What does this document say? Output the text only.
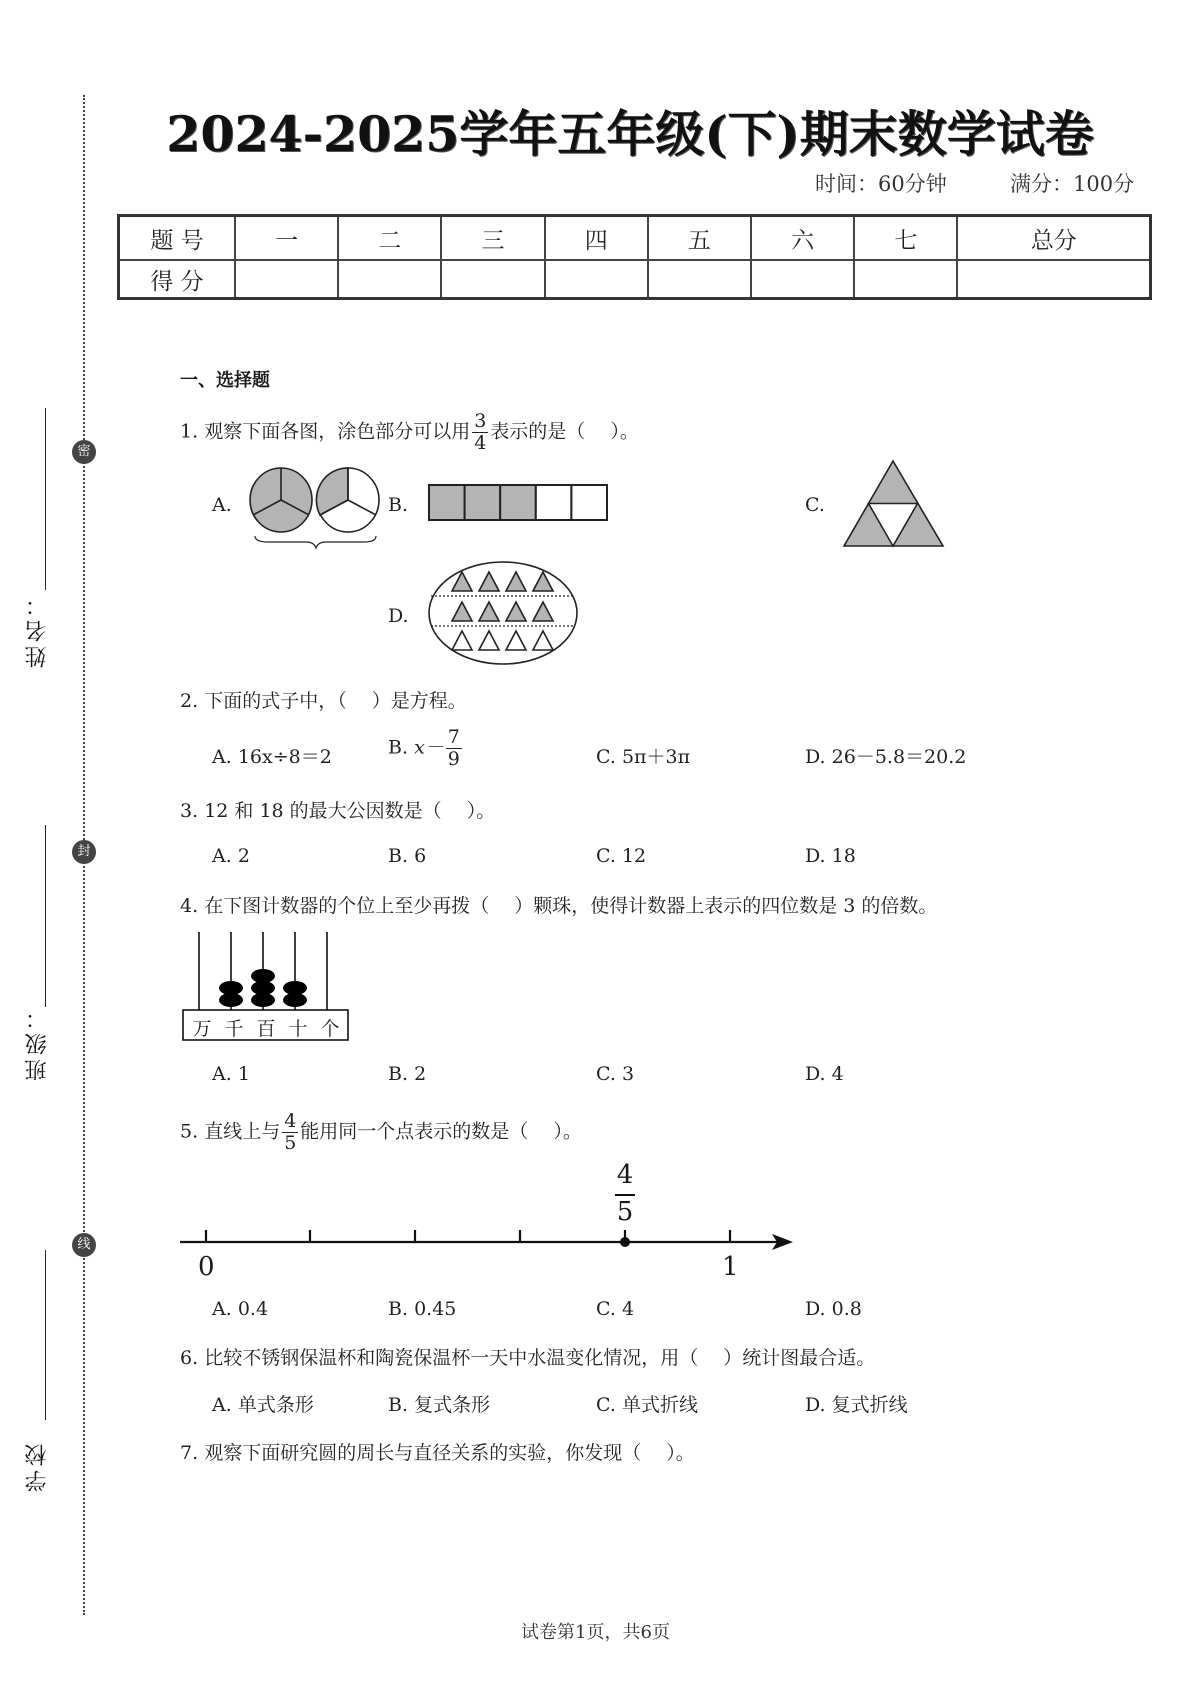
密
封
线
姓名：
班级：
学校
2024-2025学年五年级(下)期末数学试卷
时间：60分钟	满分：100分
题 号	一	二	三	四	五	六	七	总分
得 分								
一、选择题
1. 观察下面各图，涂色部分可以用 $\frac{3}{4}$ 表示的是（　 ）。
A.	B.	C.
D.
2. 下面的式子中，（　 ）是方程。
A. 16x÷8＝2	B. $x- \frac{7}{9}$	C. 5π＋3π	D. 26－5.8＝20.2
3. 12 和 18 的最大公因数是（　 ）。
A. 2	B. 6	C. 12	D. 18
4. 在下图计数器的个位上至少再拨（　 ）颗珠，使得计数器上表示的四位数是 3 的倍数。
万 千 百 十 个
A. 1	B. 2	C. 3	D. 4
5. 直线上与 $\frac{4}{5}$ 能用同一个点表示的数是（　 ）。
4
5
0	1
A. 0.4	B. 0.45	C. 4	D. 0.8
6. 比较不锈钢保温杯和陶瓷保温杯一天中水温变化情况，用（　 ）统计图最合适。
A. 单式条形	B. 复式条形	C. 单式折线	D. 复式折线
7. 观察下面研究圆的周长与直径关系的实验，你发现（　 ）。
试卷第1页，共6页
